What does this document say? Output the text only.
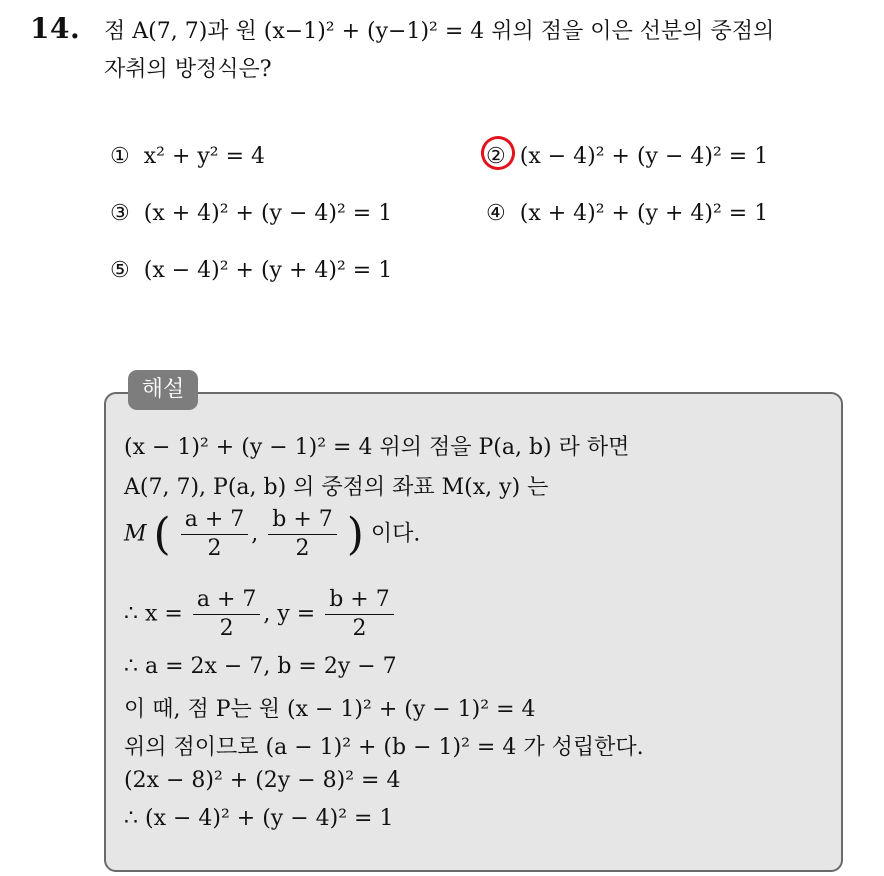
14. 점 A(7, 7)과 원 (x−1)² + (y−1)² = 4 위의 점을 이은 선분의 중점의
자취의 방정식은?
① x² + y² = 4	② (x − 4)² + (y − 4)² = 1
③ (x + 4)² + (y − 4)² = 1	④ (x + 4)² + (y + 4)² = 1
⑤ (x − 4)² + (y + 4)² = 1
해설
(x − 1)² + (y − 1)² = 4 위의 점을 P(a, b) 라 하면
A(7, 7), P(a, b) 의 중점의 좌표 M(x, y) 는
M ( $\frac{a + 7}{2}$ , $\frac{b + 7}{2}$ ) 이다.
∴ $x = \frac{a + 7}{2}$ , $y = \frac{b + 7}{2}$
∴ a = 2x − 7, b = 2y − 7
이 때, 점 P는 원 (x − 1)² + (y − 1)² = 4
위의 점이므로 (a − 1)² + (b − 1)² = 4 가 성립한다.
(2x − 8)² + (2y − 8)² = 4
∴ (x − 4)² + (y − 4)² = 1
